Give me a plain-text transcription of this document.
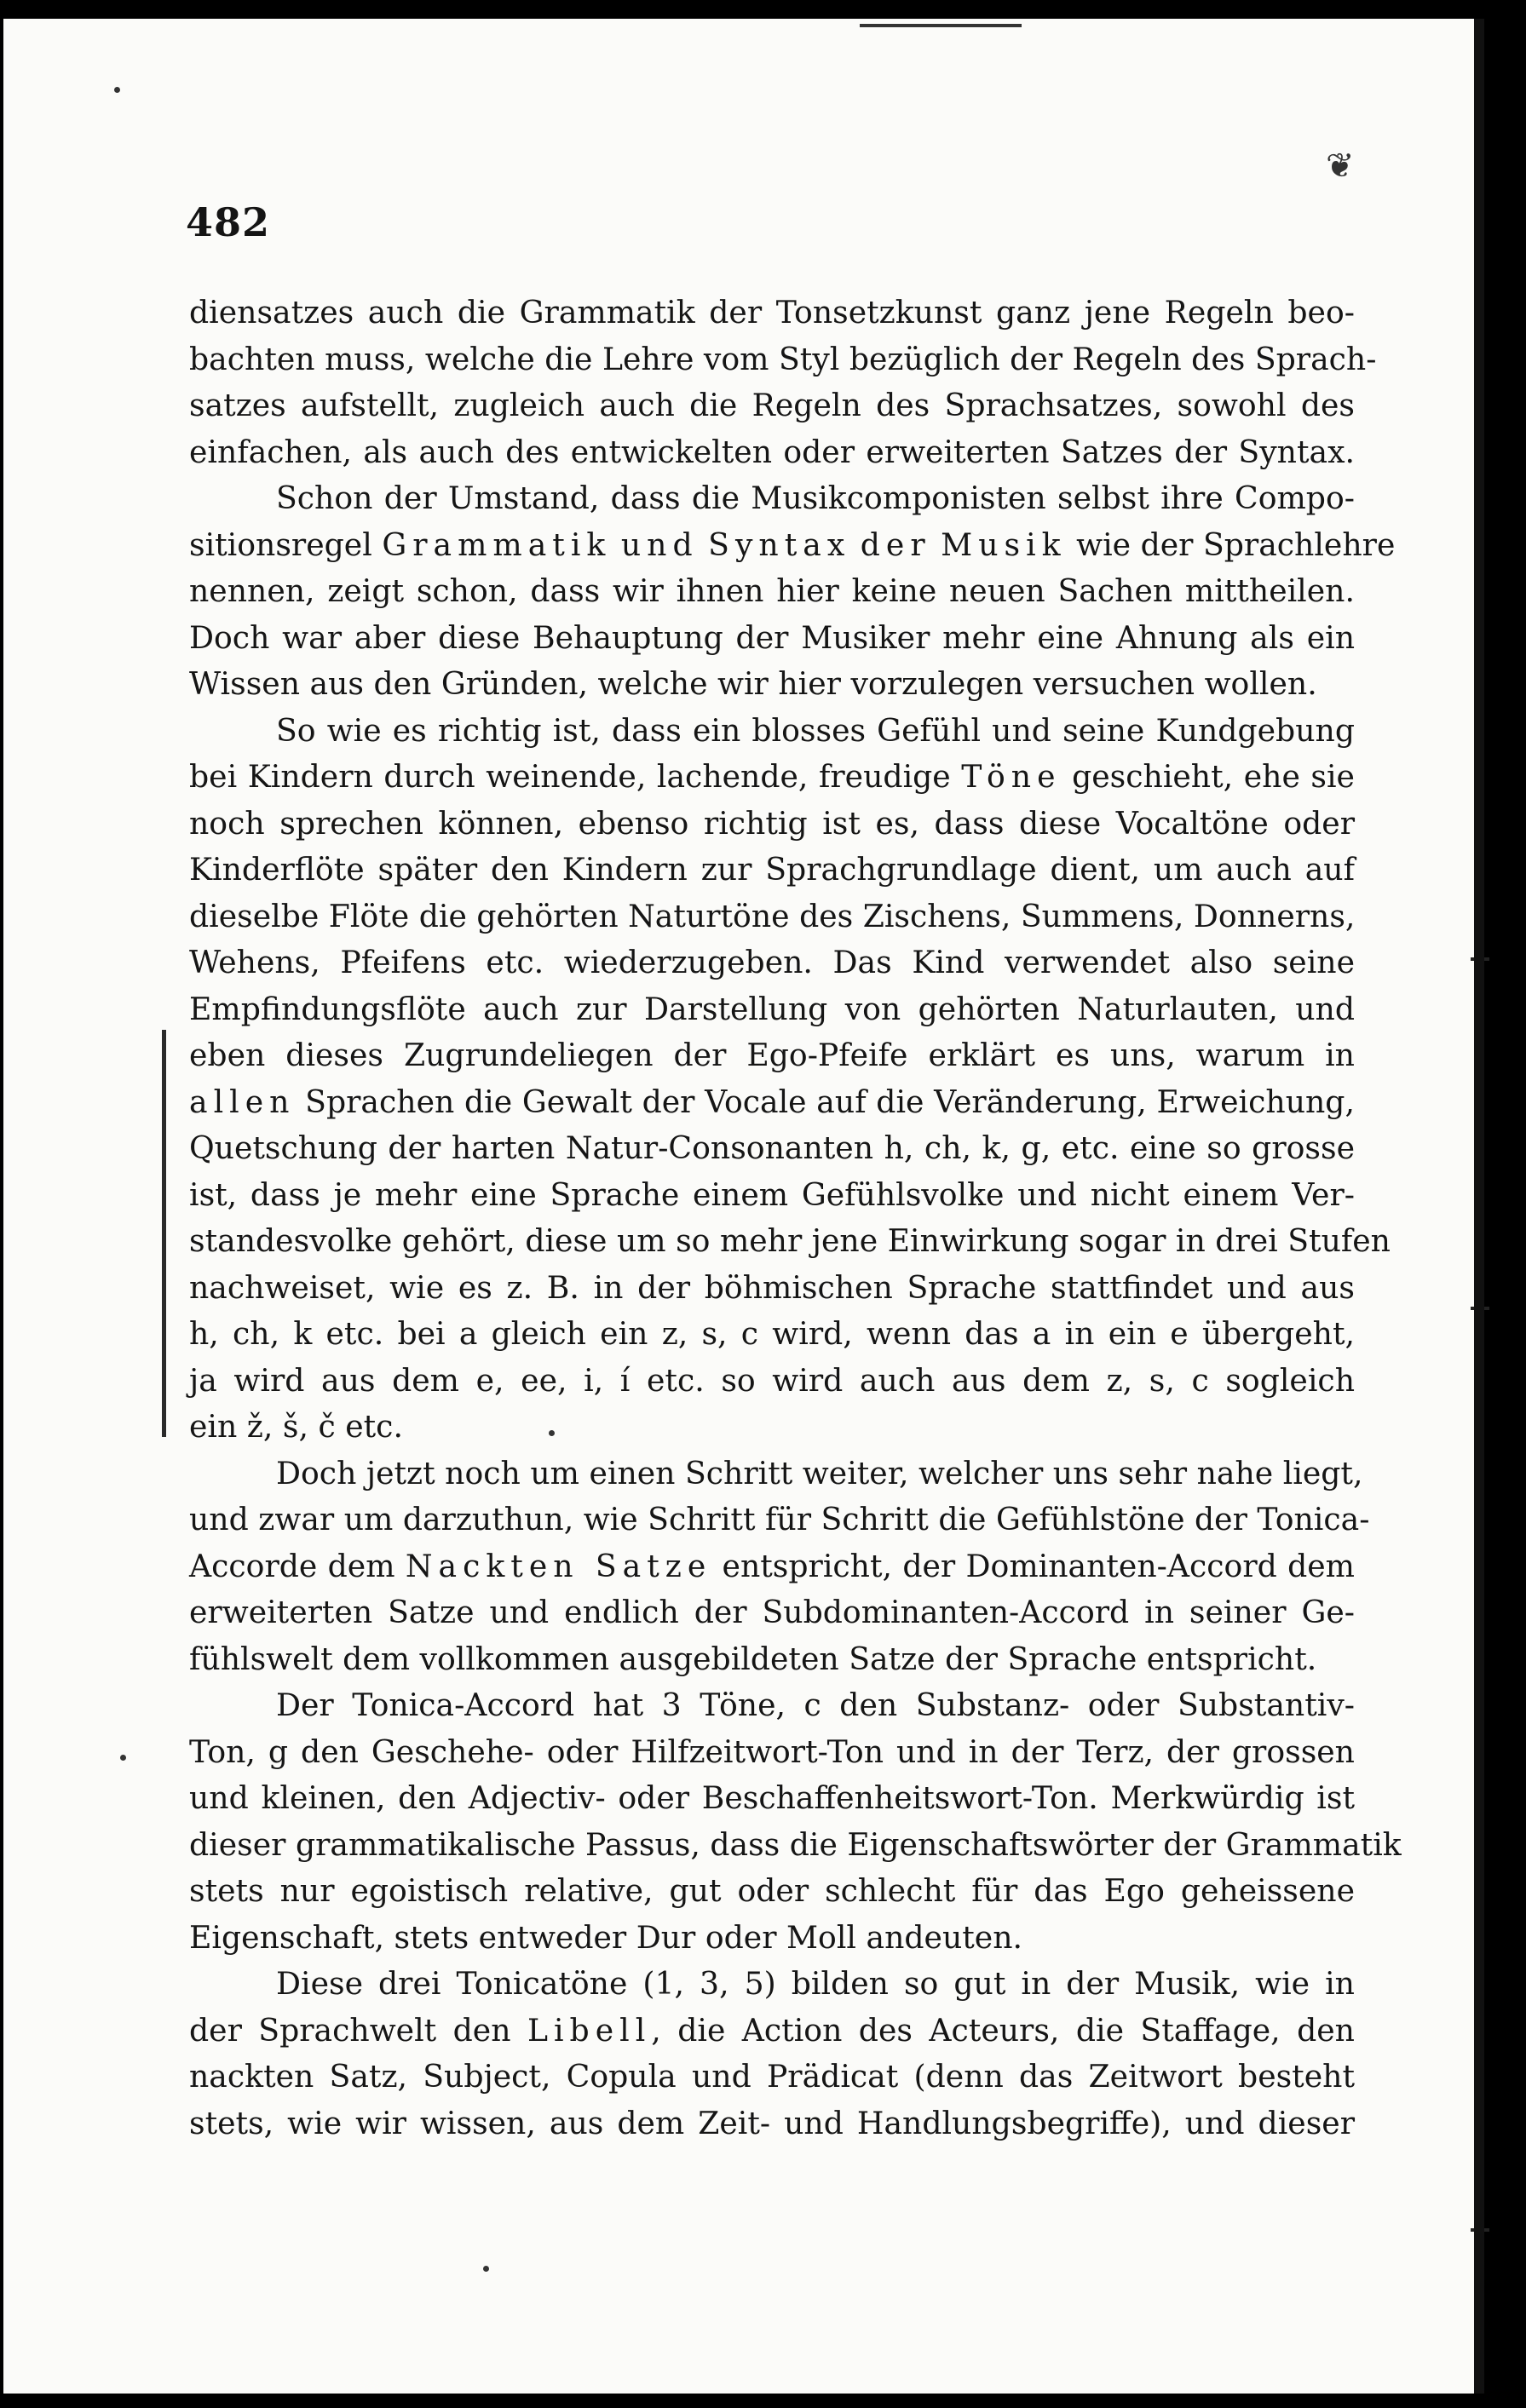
❦
482

diensatzes auch die Grammatik der Tonsetzkunst ganz jene Regeln beo-

bachten muss, welche die Lehre vom Styl bezüglich der Regeln des Sprach-

satzes aufstellt, zugleich auch die Regeln des Sprachsatzes, sowohl des

einfachen, als auch des entwickelten oder erweiterten Satzes der Syntax.

Schon der Umstand, dass die Musikcomponisten selbst ihre Compo-

sitionsregel Grammatik und Syntax der Musik wie der Sprachlehre

nennen, zeigt schon, dass wir ihnen hier keine neuen Sachen mittheilen.

Doch war aber diese Behauptung der Musiker mehr eine Ahnung als ein

Wissen aus den Gründen, welche wir hier vorzulegen versuchen wollen.

So wie es richtig ist, dass ein blosses Gefühl und seine Kundgebung

bei Kindern durch weinende, lachende, freudige Töne geschieht, ehe sie

noch sprechen können, ebenso richtig ist es, dass diese Vocaltöne oder

Kinderflöte später den Kindern zur Sprachgrundlage dient, um auch auf

dieselbe Flöte die gehörten Naturtöne des Zischens, Summens, Donnerns,

Wehens, Pfeifens etc. wiederzugeben. Das Kind verwendet also seine

Empfindungsflöte auch zur Darstellung von gehörten Naturlauten, und

eben dieses Zugrundeliegen der Ego-Pfeife erklärt es uns, warum in

allen Sprachen die Gewalt der Vocale auf die Veränderung, Erweichung,

Quetschung der harten Natur-Consonanten h, ch, k, g, etc. eine so grosse

ist, dass je mehr eine Sprache einem Gefühlsvolke und nicht einem Ver-

standesvolke gehört, diese um so mehr jene Einwirkung sogar in drei Stufen

nachweiset, wie es z. B. in der böhmischen Sprache stattfindet und aus

h, ch, k etc. bei a gleich ein z, s, c wird, wenn das a in ein e übergeht,

ja wird aus dem e, ee, i, í etc. so wird auch aus dem z, s, c sogleich

ein ž, š, č etc.

Doch jetzt noch um einen Schritt weiter, welcher uns sehr nahe liegt,

und zwar um darzuthun, wie Schritt für Schritt die Gefühlstöne der Tonica-

Accorde dem Nackten Satze entspricht, der Dominanten-Accord dem

erweiterten Satze und endlich der Subdominanten-Accord in seiner Ge-

fühlswelt dem vollkommen ausgebildeten Satze der Sprache entspricht.

Der Tonica-Accord hat 3 Töne, c den Substanz- oder Substantiv-

Ton, g den Geschehe- oder Hilfzeitwort-Ton und in der Terz, der grossen

und kleinen, den Adjectiv- oder Beschaffenheitswort-Ton. Merkwürdig ist

dieser grammatikalische Passus, dass die Eigenschaftswörter der Grammatik

stets nur egoistisch relative, gut oder schlecht für das Ego geheissene

Eigenschaft, stets entweder Dur oder Moll andeuten.

Diese drei Tonicatöne (1, 3, 5) bilden so gut in der Musik, wie in

der Sprachwelt den Libell, die Action des Acteurs, die Staffage, den

nackten Satz, Subject, Copula und Prädicat (denn das Zeitwort besteht

stets, wie wir wissen, aus dem Zeit- und Handlungsbegriffe), und dieser
